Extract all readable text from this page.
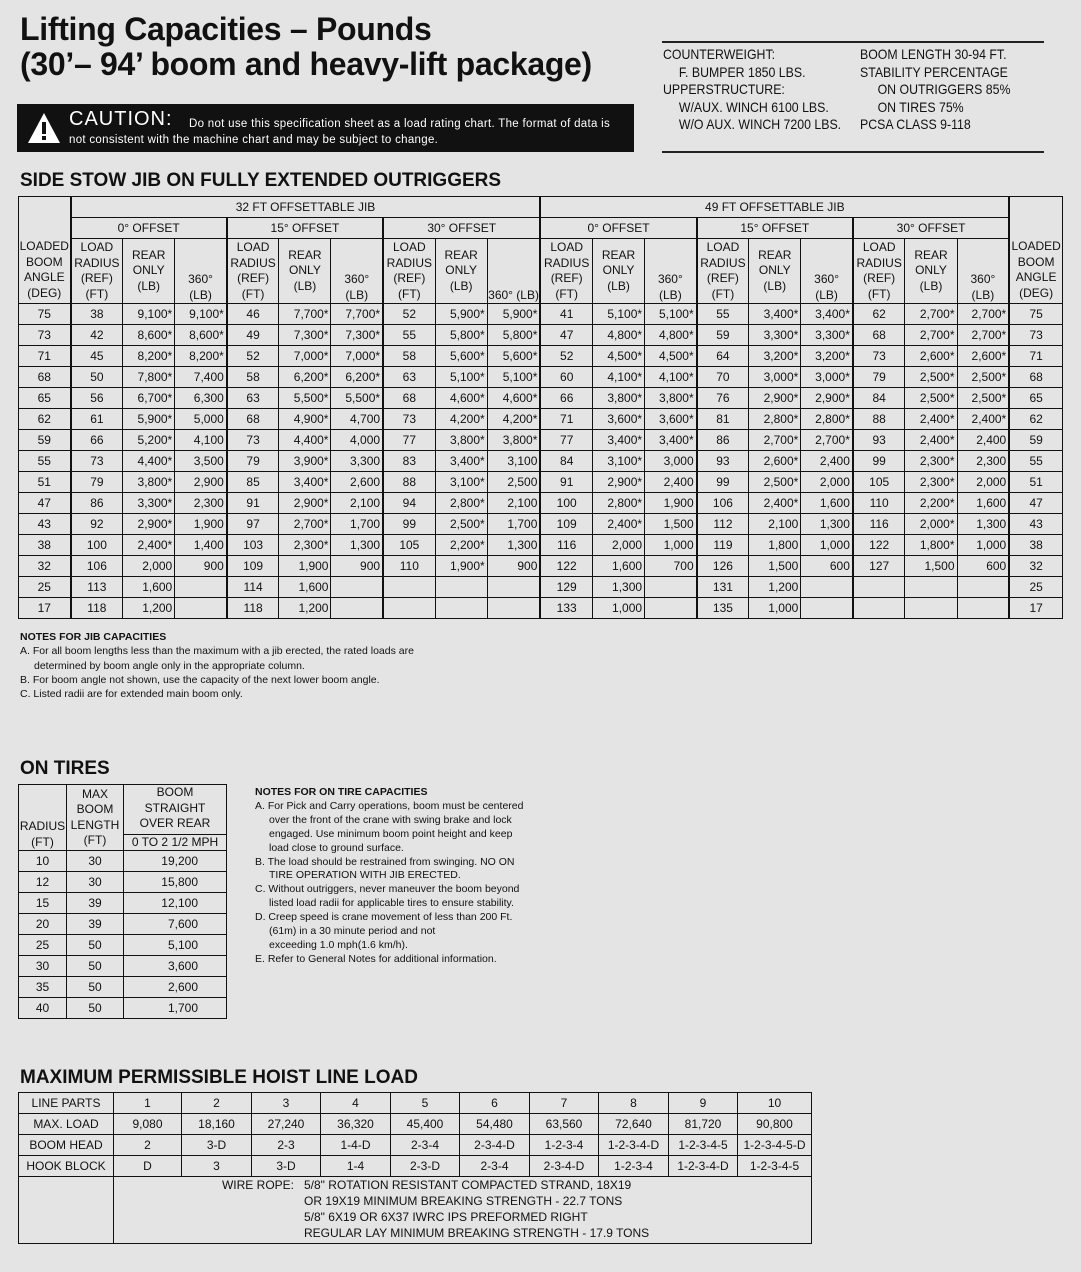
Lifting Capacities – Pounds
(30’– 94’ boom and heavy-lift package)
CAUTION:	Do not use this specification sheet as a load rating chart. The format of data is not consistent with the machine chart and may be subject to change.
COUNTERWEIGHT:
F. BUMPER 1850 LBS.
UPPERSTRUCTURE:
W/AUX. WINCH 6100 LBS.
W/O AUX. WINCH 7200 LBS.
BOOM LENGTH 30-94 FT.
STABILITY PERCENTAGE
ON OUTRIGGERS 85%
ON TIRES 75%
PCSA CLASS 9-118
SIDE STOW JIB ON FULLY EXTENDED OUTRIGGERS
LOADED BOOM ANGLE (DEG)	32 FT OFFSETTABLE JIB									49 FT OFFSETTABLE JIB									LOADED BOOM ANGLE (DEG)
	0° OFFSET			15° OFFSET			30° OFFSET			0° OFFSET			15° OFFSET			30° OFFSET			
	LOAD RADIUS (REF) (FT)	REAR ONLY (LB)	360° (LB)	LOAD RADIUS (REF) (FT)	REAR ONLY (LB)	360° (LB)	LOAD RADIUS (REF) (FT)	REAR ONLY (LB)	360° (LB)	LOAD RADIUS (REF) (FT)	REAR ONLY (LB)	360° (LB)	LOAD RADIUS (REF) (FT)	REAR ONLY (LB)	360° (LB)	LOAD RADIUS (REF) (FT)	REAR ONLY (LB)	360° (LB)	
75	38	9,100*	9,100*	46	7,700*	7,700*	52	5,900*	5,900*	41	5,100*	5,100*	55	3,400*	3,400*	62	2,700*	2,700*	75
73	42	8,600*	8,600*	49	7,300*	7,300*	55	5,800*	5,800*	47	4,800*	4,800*	59	3,300*	3,300*	68	2,700*	2,700*	73
71	45	8,200*	8,200*	52	7,000*	7,000*	58	5,600*	5,600*	52	4,500*	4,500*	64	3,200*	3,200*	73	2,600*	2,600*	71
68	50	7,800*	7,400	58	6,200*	6,200*	63	5,100*	5,100*	60	4,100*	4,100*	70	3,000*	3,000*	79	2,500*	2,500*	68
65	56	6,700*	6,300	63	5,500*	5,500*	68	4,600*	4,600*	66	3,800*	3,800*	76	2,900*	2,900*	84	2,500*	2,500*	65
62	61	5,900*	5,000	68	4,900*	4,700	73	4,200*	4,200*	71	3,600*	3,600*	81	2,800*	2,800*	88	2,400*	2,400*	62
59	66	5,200*	4,100	73	4,400*	4,000	77	3,800*	3,800*	77	3,400*	3,400*	86	2,700*	2,700*	93	2,400*	2,400	59
55	73	4,400*	3,500	79	3,900*	3,300	83	3,400*	3,100	84	3,100*	3,000	93	2,600*	2,400	99	2,300*	2,300	55
51	79	3,800*	2,900	85	3,400*	2,600	88	3,100*	2,500	91	2,900*	2,400	99	2,500*	2,000	105	2,300*	2,000	51
47	86	3,300*	2,300	91	2,900*	2,100	94	2,800*	2,100	100	2,800*	1,900	106	2,400*	1,600	110	2,200*	1,600	47
43	92	2,900*	1,900	97	2,700*	1,700	99	2,500*	1,700	109	2,400*	1,500	112	2,100	1,300	116	2,000*	1,300	43
38	100	2,400*	1,400	103	2,300*	1,300	105	2,200*	1,300	116	2,000	1,000	119	1,800	1,000	122	1,800*	1,000	38
32	106	2,000	900	109	1,900	900	110	1,900*	900	122	1,600	700	126	1,500	600	127	1,500	600	32
25	113	1,600		114	1,600					129	1,300		131	1,200					25
17	118	1,200		118	1,200					133	1,000		135	1,000					17
NOTES FOR JIB CAPACITIES
A. For all boom lengths less than the maximum with a jib erected, the rated loads are
determined by boom angle only in the appropriate column.
B. For boom angle not shown, use the capacity of the next lower boom angle.
C. Listed radii are for extended main boom only.
ON TIRES
RADIUS (FT)	MAX BOOM LENGTH (FT)	BOOM STRAIGHT OVER REAR
0 TO 2 1/2 MPH

10	30	19,200
12	30	15,800
15	39	12,100
20	39	7,600
25	50	5,100
30	50	3,600
35	50	2,600
40	50	1,700
NOTES FOR ON TIRE CAPACITIES
A. For Pick and Carry operations, boom must be centered
over the front of the crane with swing brake and lock
engaged. Use minimum boom point height and keep
load close to ground surface.
B. The load should be restrained from swinging. NO ON
TIRE OPERATION WITH JIB ERECTED.
C. Without outriggers, never maneuver the boom beyond
listed load radii for applicable tires to ensure stability.
D. Creep speed is crane movement of less than 200 Ft.
(61m) in a 30 minute period and not
exceeding 1.0 mph(1.6 km/h).
E. Refer to General Notes for additional information.
MAXIMUM PERMISSIBLE HOIST LINE LOAD
LINE PARTS	1	2	3	4	5	6	7	8	9	10
MAX. LOAD	9,080	18,160	27,240	36,320	45,400	54,480	63,560	72,640	81,720	90,800
BOOM HEAD	2	3-D	2-3	1-4-D	2-3-4	2-3-4-D	1-2-3-4	1-2-3-4-D	1-2-3-4-5	1-2-3-4-5-D
HOOK BLOCK	D	3	3-D	1-4	2-3-D	2-3-4	2-3-4-D	1-2-3-4	1-2-3-4-D	1-2-3-4-5

	WIRE ROPE: 5/8" ROTATION RESISTANT COMPACTED STRAND, 18X19
OR 19X19 MINIMUM BREAKING STRENGTH - 22.7 TONS
5/8" 6X19 OR 6X37 IWRC IPS PREFORMED RIGHT
REGULAR LAY MINIMUM BREAKING STRENGTH - 17.9 TONS									
